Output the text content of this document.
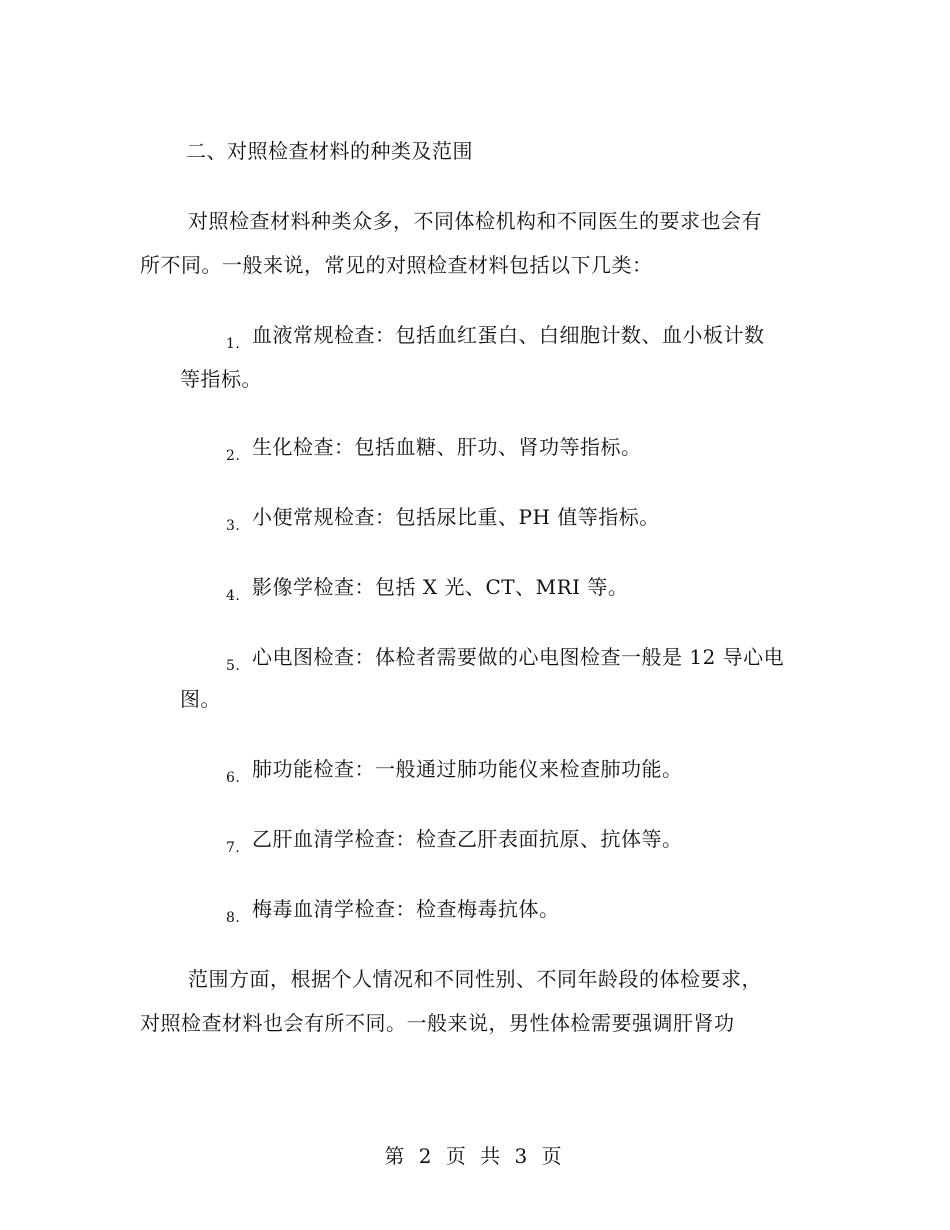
二、对照检查材料的种类及范围
对照检查材料种类众多，不同体检机构和不同医生的要求也会有
所不同。一般来说，常见的对照检查材料包括以下几类：
1. 血液常规检查：包括血红蛋白、白细胞计数、血小板计数
等指标。
2. 生化检查：包括血糖、肝功、肾功等指标。
3. 小便常规检查：包括尿比重、PH 值等指标。
4. 影像学检查：包括 X 光、CT、MRI 等。
5. 心电图检查：体检者需要做的心电图检查一般是 12 导心电
图。
6. 肺功能检查：一般通过肺功能仪来检查肺功能。
7. 乙肝血清学检查：检查乙肝表面抗原、抗体等。
8. 梅毒血清学检查：检查梅毒抗体。
范围方面，根据个人情况和不同性别、不同年龄段的体检要求，
对照检查材料也会有所不同。一般来说，男性体检需要强调肝肾功
第 2 页 共 3 页
